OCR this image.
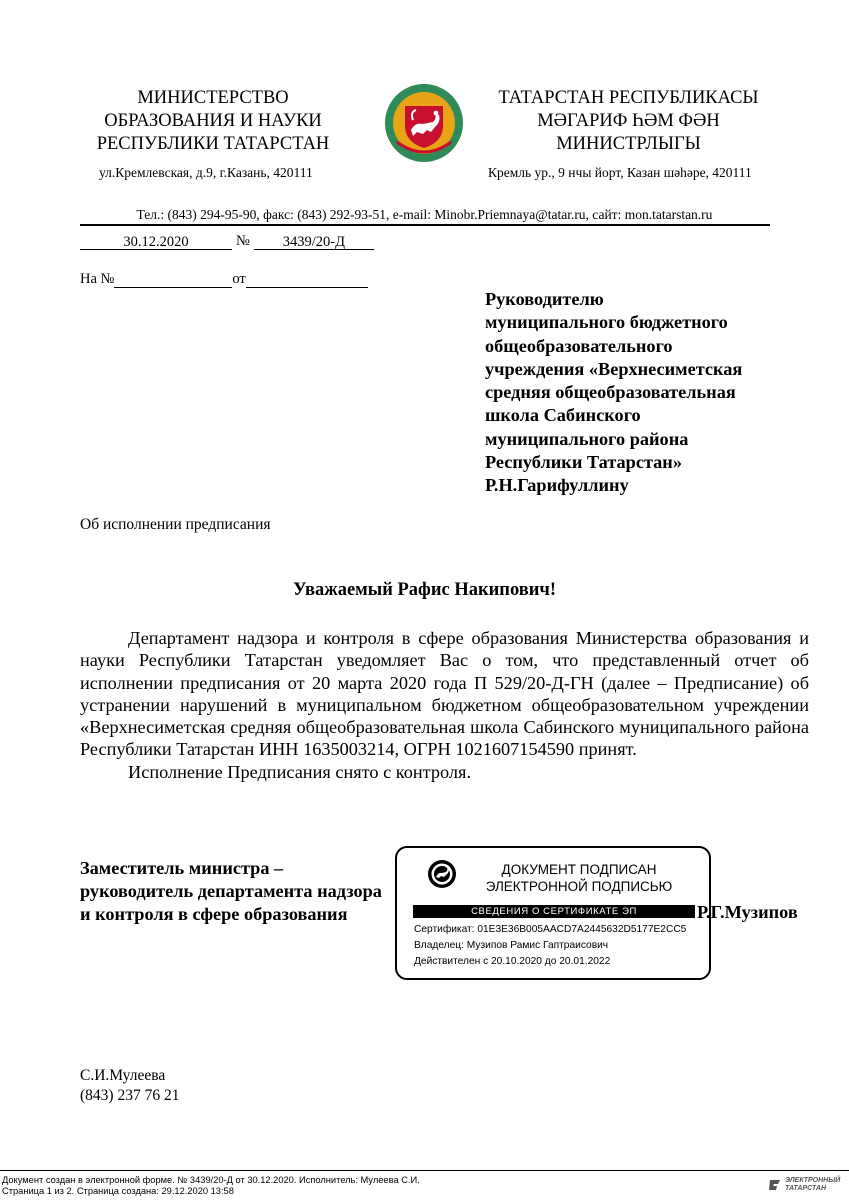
МИНИСТЕРСТВО
ОБРАЗОВАНИЯ И НАУКИ
РЕСПУБЛИКИ ТАТАРСТАН
ТАТАРСТАН РЕСПУБЛИКАСЫ
МӘГАРИФ ҺӘМ ФӘН
МИНИСТРЛЫГЫ
ул.Кремлевская, д.9, г.Казань, 420111	Кремль ур., 9 нчы йорт, Казан шәһәре, 420111
Тел.: (843) 294-95-90, факс: (843) 292-93-51, e-mail: Minobr.Priemnaya@tatar.ru, сайт: mon.tatarstan.ru
30.12.2020	№ 3439/20-Д
На №	от
Руководителю
муниципального бюджетного
общеобразовательного
учреждения «Верхнесиметская
средняя общеобразовательная
школа Сабинского
муниципального района
Республики Татарстан»
Р.Н.Гарифуллину
Об исполнении предписания
Уважаемый Рафис Накипович!

Департамент надзора и контроля в сфере образования Министерства образования и науки Республики Татарстан уведомляет Вас о том, что представленный отчет об исполнении предписания от 20 марта 2020 года П 529/20-Д-ГН (далее – Предписание) об устранении нарушений в муниципальном бюджетном общеобразовательном учреждении «Верхнесиметская средняя общеобразовательная школа Сабинского муниципального района Республики Татарстан ИНН 1635003214, ОГРН 1021607154590 принят.

Исполнение Предписания снято с контроля.

Заместитель министра –
руководитель департамента надзора
и контроля в сфере образования
ДОКУМЕНТ ПОДПИСАН
ЭЛЕКТРОННОЙ ПОДПИСЬЮ
СВЕДЕНИЯ О СЕРТИФИКАТЕ ЭП
Сертификат: 01E3E36B005AACD7A2445632D5177E2CC5
Владелец: Музипов Рамис Гаптраисович
Действителен с 20.10.2020 до 20.01.2022
Р.Г.Музипов
С.И.Мулеева
(843) 237 76 21
Документ создан в электронной форме. № 3439/20-Д от 30.12.2020. Исполнитель: Мулеева С.И.
Страница 1 из 2. Страница создана: 29.12.2020 13:58
ЭЛЕКТРОННЫЙ
ТАТАРСТАН
